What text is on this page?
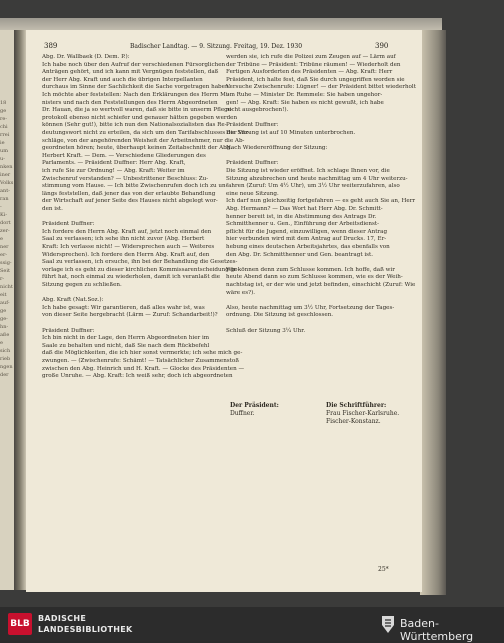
18
ge
re-
chi
rrei
ie
um
u-
nken
iner
Volks
ant-
ran
-
Ki-
dort
zer-
e
ner
er-
ssig-
Seit
r-
nicht
eit
auf-
ge
ge-
hn-
aße
e
sich
rieb
ngen
der
389	Badischer Landtag. — 9. Sitzung. Freitag, 19. Dez. 1930	390
Abg. Dr. Wallbaek (D. Dem. P.):
Ich habe noch über den Aufruf der verschiedenen Fürsorglichen
Anträgen gehört, und ich kann mit Vergnügen feststellen, daß
der Herr Abg. Kraft und auch die übrigen Interpellanten
durchaus im Sinne der Sachlichkeit die Sache vorgetragen haben.
Ich möchte aber feststellen: Nach den Erklärungen des Herrn Mi-
nisters und nach den Feststellungen des Herrn Abgeordneten
Dr. Hauan, die ja so wertvoll waren, daß sie bitte in unserm Pflege-
protokoll ebenso nicht schiefer und genauer hätten gegeben werden
können (Sehr gut!), bitte ich nun den Nationalsozialisten das Re-
deutungswort nicht zu erteilen, da sich um den Tarifabschlusses der Vor-
schläge, von der angehörenden Weisheit der Arbeitnehmer, nur die Ab-
geordneten hören; heute, überhaupt keinen Zeitabschnitt der Abg.
Herbert Kraft. — Dem. — Verschiedene Gliederungen des
Parlaments. — Präsident Duffner: Herr Abg. Kraft,
ich rufe Sie zur Ordnung! — Abg. Kraft: Weiter im
Zwischenruf verstanden? — Unbestrittener Beschluss: Zu-
stimmung vom Hause. — Ich bitte Zwischenrufen doch ich zu un-
längs feststellen, daß jener das von der erlaubte Behandlung
der Wirtschaft auf jener Seite des Hauses nicht abgelegt wor-
den ist.
Präsident Duffner:
Ich fordere den Herrn Abg. Kraft auf, jetzt noch einmal den
Saal zu verlassen; ich sehe ihn nicht zuvor (Abg. Herbert
Kraft: Ich verlasse nicht! — Widersprechen auch — Weiteres
Widersprechen). Ich fordere den Herrn Abg. Kraft auf, den
Saal zu verlassen, ich ersuche, ihn bei der Behandlung die Gesetzes-
vorlage ich es geht zu dieser kirchlichen Kommissarentscheidung ge-
führt hat, noch einmal zu wiederholen, damit ich veranlaßt die
Sitzung gegen zu schließen.
Abg. Kraft (Nat.Soz.):
Ich habe gesagt: Wir garantieren, daß alles wahr ist, was
von dieser Seite hergebracht (Lärm — Zuruf: Schandarbeit!)?
Präsident Duffner:
Ich bin nicht in der Lage, den Herrn Abgeordneten hier im
Saale zu behalten und nicht, daß Sie nach dem Rückbefehl
daß die Möglichkeiten, die ich hier sonst vermerkte; ich sehe mich ge-
zwungen. — (Zwischenrufe: Schämt! — Tatsächlicher Zusammenstoß
zwischen den Abg. Heinrich und H. Kraft. — Glocke des Präsidenten —
große Unruhe. — Abg. Kraft: Ich weiß sehr, doch ich abgeordneten
werden sie, ich rufe die Polizei zum Zeugen auf — Lärm auf
der Tribüne — Präsident: Tribüne räumen! — Wiederholt den
Fertigen Ausforderten des Präsidenten — Abg. Kraft: Herr
Präsident, ich halte fest, daß Sie durch ungegriffen worden sie
Versuche Zwischenrufe: Lügner! — der Präsident bittet wiederholt
um Ruhe — Minister Dr. Remmele: Sie haben ungehor-
gen! — Abg. Kraft: Sie haben es nicht gewußt, ich habe
nicht ausgebrochen!).
Präsident Duffner:
Die Sitzung ist auf 10 Minuten unterbrochen.
Nach Wiedereröffnung der Sitzung:
Präsident Duffner:
Die Sitzung ist wieder eröffnet. Ich schlage Ihnen vor, die
Sitzung abzubrechen und heute nachmittag um 4 Uhr weiterzu-
fahren (Zuruf: Um 4½ Uhr), um 3½ Uhr weiterzufahren, also
eine neue Sitzung.
Ich darf nun gleichzeitig fortgefahren — es geht auch Sie an, Herr
Abg. Hermann? — Das Wort hat Herr Abg. Dr. Schmitt-
henner bereit ist, in die Abstimmung des Antrags Dr.
Schmitthenner u. Gen., Einführung der Arbeitsdienst-
pflicht für die Jugend, einzuwilligen, wenn dieser Antrag
hier verbunden wird mit dem Antrag auf Drucks. 17, Er-
hebung eines deutschen Arbeitsjahrtes, das ebenfalls von
den Abg. Dr. Schmitthenner und Gen. beantragt ist.
Wir können denn zum Schlusse kommen. Ich hoffe, daß wir
heute Abend dann so zum Schlusse kommen, wie es der Weih-
nachtstag ist, er der wie und jetzt befinden, einschicht (Zuruf: Wie
wäre es?).
Also, heute nachmittag um 3½ Uhr, Fortsetzung der Tages-
ordnung. Die Sitzung ist geschlossen.
Schluß der Sitzung 3¼ Uhr.
Der Präsident:
Duffner.
Die Schriftführer:
Frau Fischer-Karlsruhe.
Fischer-Konstanz.
25*
BLB
BADISCHE
LANDESBIBLIOTHEK	Baden-Württemberg
